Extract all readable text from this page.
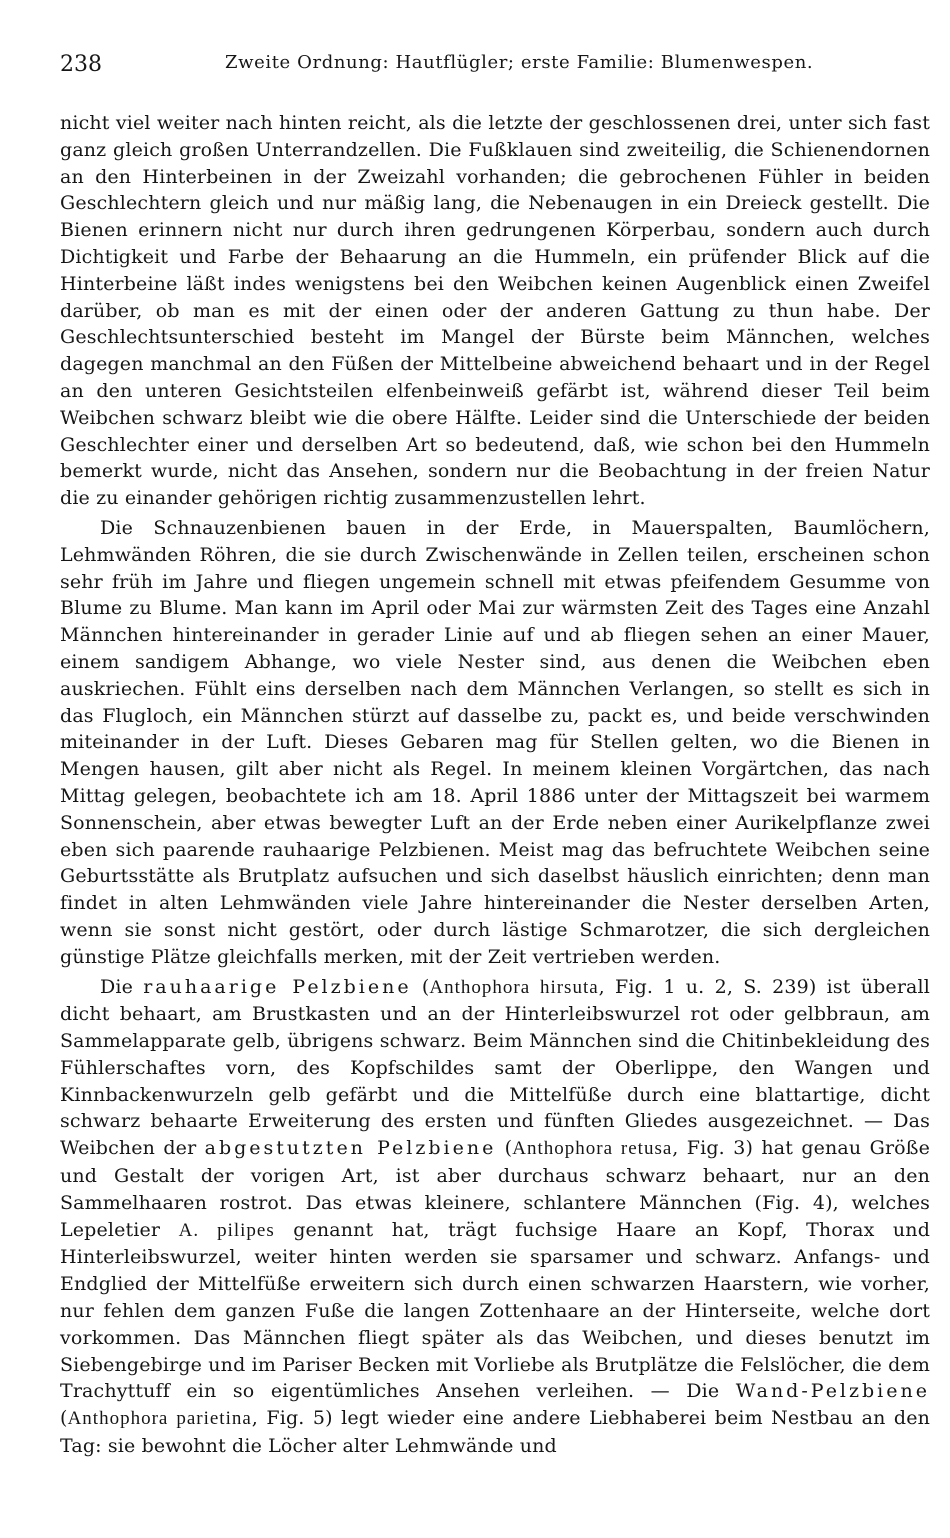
238	Zweite Ordnung: Hautflügler; erste Familie: Blumenwespen.

nicht viel weiter nach hinten reicht, als die letzte der geschlossenen drei, unter sich fast ganz gleich großen Unterrandzellen. Die Fußklauen sind zweiteilig, die Schienendornen an den Hinterbeinen in der Zweizahl vorhanden; die gebrochenen Fühler in beiden Geschlechtern gleich und nur mäßig lang, die Nebenaugen in ein Dreieck gestellt. Die Bienen erinnern nicht nur durch ihren gedrungenen Körperbau, sondern auch durch Dichtigkeit und Farbe der Behaarung an die Hummeln, ein prüfender Blick auf die Hinterbeine läßt indes wenigstens bei den Weibchen keinen Augenblick einen Zweifel darüber, ob man es mit der einen oder der anderen Gattung zu thun habe. Der Geschlechtsunterschied besteht im Mangel der Bürste beim Männchen, welches dagegen manchmal an den Füßen der Mittelbeine abweichend behaart und in der Regel an den unteren Gesichtsteilen elfenbeinweiß gefärbt ist, während dieser Teil beim Weibchen schwarz bleibt wie die obere Hälfte. Leider sind die Unterschiede der beiden Geschlechter einer und derselben Art so bedeutend, daß, wie schon bei den Hummeln bemerkt wurde, nicht das Ansehen, sondern nur die Beobachtung in der freien Natur die zu einander gehörigen richtig zusammenzustellen lehrt.

Die Schnauzenbienen bauen in der Erde, in Mauerspalten, Baumlöchern, Lehmwänden Röhren, die sie durch Zwischenwände in Zellen teilen, erscheinen schon sehr früh im Jahre und fliegen ungemein schnell mit etwas pfeifendem Gesumme von Blume zu Blume. Man kann im April oder Mai zur wärmsten Zeit des Tages eine Anzahl Männchen hintereinander in gerader Linie auf und ab fliegen sehen an einer Mauer, einem sandigem Abhange, wo viele Nester sind, aus denen die Weibchen eben auskriechen. Fühlt eins derselben nach dem Männchen Verlangen, so stellt es sich in das Flugloch, ein Männchen stürzt auf dasselbe zu, packt es, und beide verschwinden miteinander in der Luft. Dieses Gebaren mag für Stellen gelten, wo die Bienen in Mengen hausen, gilt aber nicht als Regel. In meinem kleinen Vorgärtchen, das nach Mittag gelegen, beobachtete ich am 18. April 1886 unter der Mittagszeit bei warmem Sonnenschein, aber etwas bewegter Luft an der Erde neben einer Aurikelpflanze zwei eben sich paarende rauhaarige Pelzbienen. Meist mag das befruchtete Weibchen seine Geburtsstätte als Brutplatz aufsuchen und sich daselbst häuslich einrichten; denn man findet in alten Lehmwänden viele Jahre hintereinander die Nester derselben Arten, wenn sie sonst nicht gestört, oder durch lästige Schmarotzer, die sich dergleichen günstige Plätze gleichfalls merken, mit der Zeit vertrieben werden.

Die rauhaarige Pelzbiene (Anthophora hirsuta, Fig. 1 u. 2, S. 239) ist überall dicht behaart, am Brustkasten und an der Hinterleibswurzel rot oder gelbbraun, am Sammelapparate gelb, übrigens schwarz. Beim Männchen sind die Chitinbekleidung des Fühlerschaftes vorn, des Kopfschildes samt der Oberlippe, den Wangen und Kinnbackenwurzeln gelb gefärbt und die Mittelfüße durch eine blattartige, dicht schwarz behaarte Erweiterung des ersten und fünften Gliedes ausgezeichnet. — Das Weibchen der abgestutzten Pelzbiene (Anthophora retusa, Fig. 3) hat genau Größe und Gestalt der vorigen Art, ist aber durchaus schwarz behaart, nur an den Sammelhaaren rostrot. Das etwas kleinere, schlantere Männchen (Fig. 4), welches Lepeletier A. pilipes genannt hat, trägt fuchsige Haare an Kopf, Thorax und Hinterleibswurzel, weiter hinten werden sie sparsamer und schwarz. Anfangs- und Endglied der Mittelfüße erweitern sich durch einen schwarzen Haarstern, wie vorher, nur fehlen dem ganzen Fuße die langen Zottenhaare an der Hinterseite, welche dort vorkommen. Das Männchen fliegt später als das Weibchen, und dieses benutzt im Siebengebirge und im Pariser Becken mit Vorliebe als Brutplätze die Felslöcher, die dem Trachyttuff ein so eigentümliches Ansehen verleihen. — Die Wand-Pelzbiene (Anthophora parietina, Fig. 5) legt wieder eine andere Liebhaberei beim Nestbau an den Tag: sie bewohnt die Löcher alter Lehmwände und
